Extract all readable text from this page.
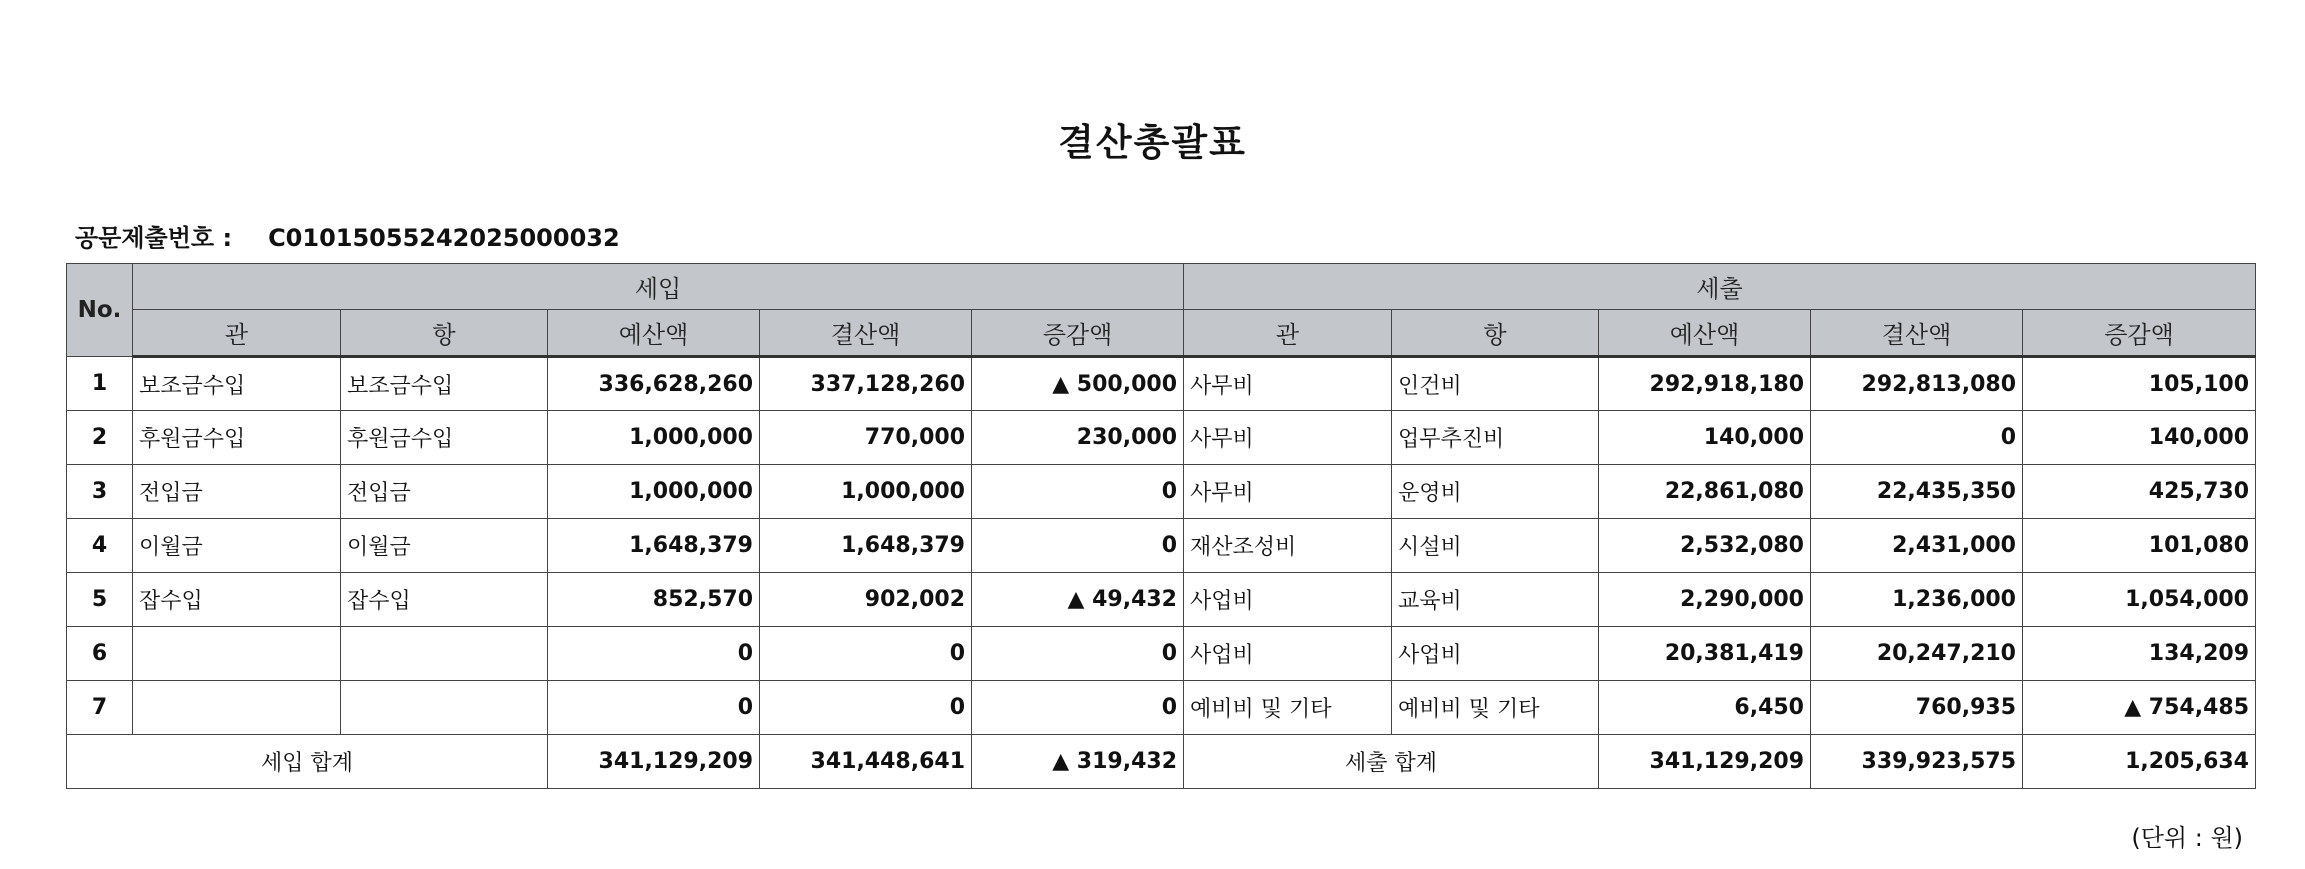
결산총괄표
공문제출번호 : C01015055242025000032
No.	세입					세출				
	관	항	예산액	결산액	증감액	관	항	예산액	결산액	증감액
1	보조금수입	보조금수입	336,628,260	337,128,260	▲ 500,000	사무비	인건비	292,918,180	292,813,080	105,100
2	후원금수입	후원금수입	1,000,000	770,000	230,000	사무비	업무추진비	140,000	0	140,000
3	전입금	전입금	1,000,000	1,000,000	0	사무비	운영비	22,861,080	22,435,350	425,730
4	이월금	이월금	1,648,379	1,648,379	0	재산조성비	시설비	2,532,080	2,431,000	101,080
5	잡수입	잡수입	852,570	902,002	▲ 49,432	사업비	교육비	2,290,000	1,236,000	1,054,000
6			0	0	0	사업비	사업비	20,381,419	20,247,210	134,209
7			0	0	0	예비비 및 기타	예비비 및 기타	6,450	760,935	▲ 754,485
세입 합계			341,129,209	341,448,641	▲ 319,432	세출 합계		341,129,209	339,923,575	1,205,634
(단위 : 원)
